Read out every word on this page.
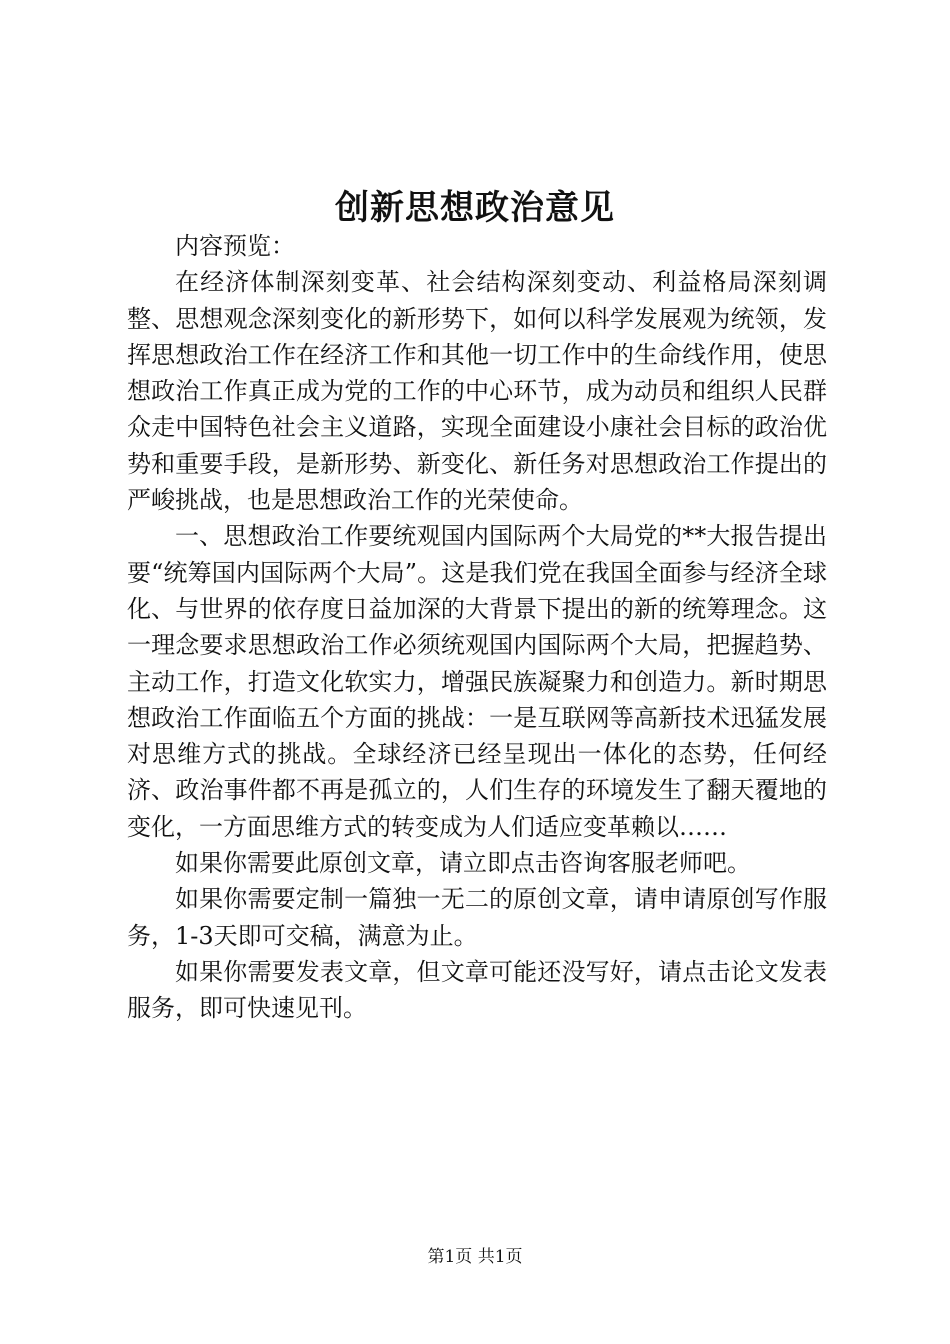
创新思想政治意见

内容预览：

在经济体制深刻变革、社会结构深刻变动、利益格局深刻调整、思想观念深刻变化的新形势下，如何以科学发展观为统领，发挥思想政治工作在经济工作和其他一切工作中的生命线作用，使思想政治工作真正成为党的工作的中心环节，成为动员和组织人民群众走中国特色社会主义道路，实现全面建设小康社会目标的政治优势和重要手段，是新形势、新变化、新任务对思想政治工作提出的严峻挑战，也是思想政治工作的光荣使命。

一、思想政治工作要统观国内国际两个大局党的**大报告提出要“统筹国内国际两个大局”。这是我们党在我国全面参与经济全球化、与世界的依存度日益加深的大背景下提出的新的统筹理念。这一理念要求思想政治工作必须统观国内国际两个大局，把握趋势、主动工作，打造文化软实力，增强民族凝聚力和创造力。新时期思想政治工作面临五个方面的挑战：一是互联网等高新技术迅猛发展对思维方式的挑战。全球经济已经呈现出一体化的态势，任何经济、政治事件都不再是孤立的，人们生存的环境发生了翻天覆地的变化，一方面思维方式的转变成为人们适应变革赖以……

如果你需要此原创文章，请立即点击咨询客服老师吧。

如果你需要定制一篇独一无二的原创文章，请申请原创写作服务，1-3天即可交稿，满意为止。

如果你需要发表文章，但文章可能还没写好，请点击论文发表服务，即可快速见刊。

第1页 共1页
